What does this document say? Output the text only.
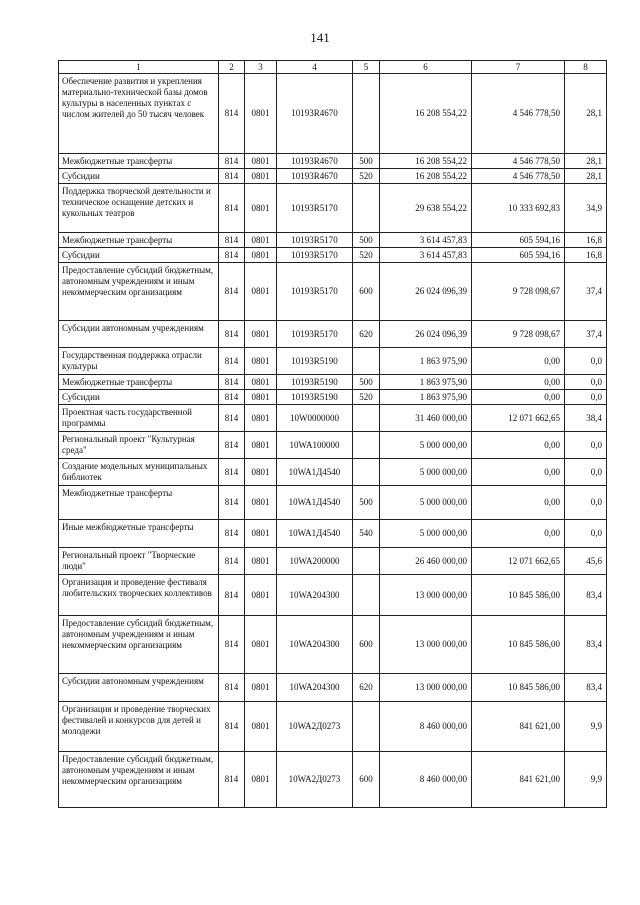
141
1	2	3	4	5	6	7	8
Обеспечение развития и укрепления материально-технической базы домов культуры в населенных пунктах с числом жителей до 50 тысяч человек	814	0801	10193R4670		16 208 554,22	4 546 778,50	28,1
Межбюджетные трансферты	814	0801	10193R4670	500	16 208 554,22	4 546 778,50	28,1
Субсидии	814	0801	10193R4670	520	16 208 554,22	4 546 778,50	28,1
Поддержка творческой деятельности и техническое оснащение детских и кукольных театров	814	0801	10193R5170		29 638 554,22	10 333 692,83	34,9
Межбюджетные трансферты	814	0801	10193R5170	500	3 614 457,83	605 594,16	16,8
Субсидии	814	0801	10193R5170	520	3 614 457,83	605 594,16	16,8
Предоставление субсидий бюджетным, автономным учреждениям и иным некоммерческим организациям	814	0801	10193R5170	600	26 024 096,39	9 728 098,67	37,4
Субсидии автономным учреждениям	814	0801	10193R5170	620	26 024 096,39	9 728 098,67	37,4
Государственная поддержка отрасли культуры	814	0801	10193R5190		1 863 975,90	0,00	0,0
Межбюджетные трансферты	814	0801	10193R5190	500	1 863 975,90	0,00	0,0
Субсидии	814	0801	10193R5190	520	1 863 975,90	0,00	0,0
Проектная часть государственной программы	814	0801	10W0000000		31 460 000,00	12 071 662,65	38,4
Региональный проект "Культурная среда"	814	0801	10WA100000		5 000 000,00	0,00	0,0
Создание модельных муниципальных библиотек	814	0801	10WA1Д4540		5 000 000,00	0,00	0,0
Межбюджетные трансферты	814	0801	10WA1Д4540	500	5 000 000,00	0,00	0,0
Иные межбюджетные трансферты	814	0801	10WA1Д4540	540	5 000 000,00	0,00	0,0
Региональный проект "Творческие люди"	814	0801	10WA200000		26 460 000,00	12 071 662,65	45,6
Организация и проведение фестиваля любительских творческих коллективов	814	0801	10WA204300		13 000 000,00	10 845 586,00	83,4
Предоставление субсидий бюджетным, автономным учреждениям и иным некоммерческим организациям	814	0801	10WA204300	600	13 000 000,00	10 845 586,00	83,4
Субсидии автономным учреждениям	814	0801	10WA204300	620	13 000 000,00	10 845 586,00	83,4
Организация и проведение творческих фестивалей и конкурсов для детей и молодежи	814	0801	10WA2Д0273		8 460 000,00	841 621,00	9,9
Предоставление субсидий бюджетным, автономным учреждениям и иным некоммерческим организациям	814	0801	10WA2Д0273	600	8 460 000,00	841 621,00	9,9
